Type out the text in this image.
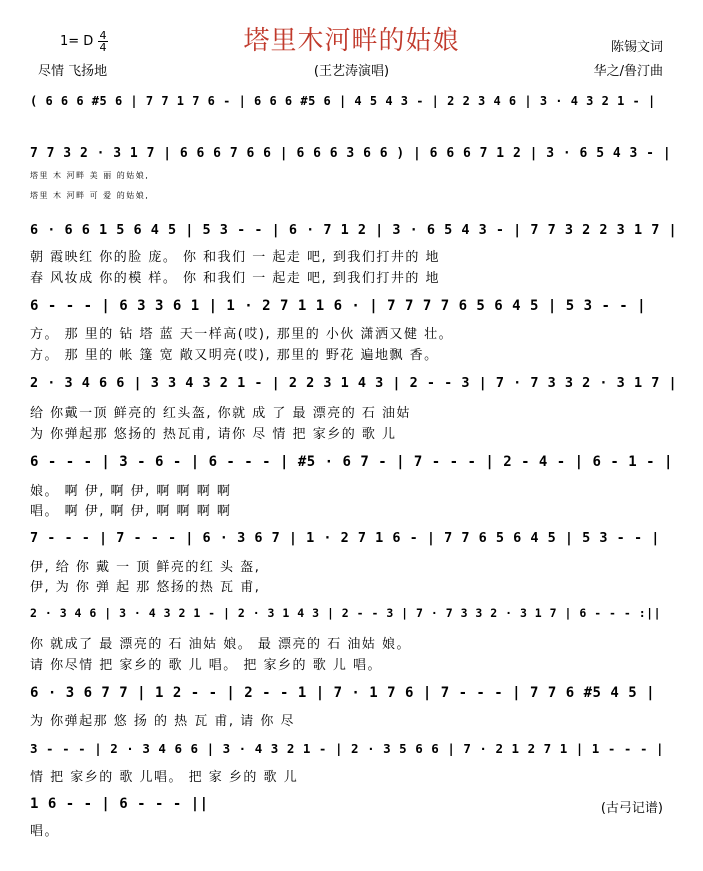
塔里木河畔的姑娘
1= D 4
4
尽情 飞扬地	(王艺涛演唱)
陈锡文词
华之/鲁汀曲
( 6 6 6 #5 6 | 7 7 1 7 6 - | 6 6 6 #5 6 | 4 5 4 3 - | 2 2 3 4 6 | 3 · 4 3 2 1 - |
7 7 3 2 · 3 1 7 | 6 6 6 7 6 6 | 6 6 6 3 6 6 ) | 6 6 6 7 1 2 | 3 · 6 5 4 3 - |
塔里 木 河畔 美 丽 的姑娘,
塔里 木 河畔 可 爱 的姑娘,
6 · 6 6 1 5 6 4 5 | 5 3 - - | 6 · 7 1 2 | 3 · 6 5 4 3 - | 7 7 3 2 2 3 1 7 |
朝 霞映红 你的脸 庞。 你 和我们 一 起走 吧, 到我们打井的 地
春 风妆成 你的模 样。 你 和我们 一 起走 吧, 到我们打井的 地
6 - - - | 6 3 3 6 1 | 1 · 2 7 1 1 6 · | 7 7 7 7 6 5 6 4 5 | 5 3 - - |
方。 那 里的 钻 塔 蓝 天一样高(哎), 那里的 小伙 潇洒又健 壮。
方。 那 里的 帐 篷 宽 敞又明亮(哎), 那里的 野花 遍地飘 香。
2 · 3 4 6 6 | 3 3 4 3 2 1 - | 2 2 3 1 4 3 | 2 - - 3 | 7 · 7 3 3 2 · 3 1 7 |
给 你戴一顶 鲜亮的 红头盔, 你就 成 了 最 漂亮的 石 油姑
为 你弹起那 悠扬的 热瓦甫, 请你 尽 情 把 家乡的 歌 儿
6 - - - | 3 - 6 - | 6 - - - | #5 · 6 7 - | 7 - - - | 2 - 4 - | 6 - 1 - |
娘。 啊 伊, 啊 伊, 啊 啊 啊 啊
唱。 啊 伊, 啊 伊, 啊 啊 啊 啊
7 - - - | 7 - - - | 6 · 3 6 7 | 1 · 2 7 1 6 - | 7 7 6 5 6 4 5 | 5 3 - - |
伊, 给 你 戴 一 顶 鲜亮的红 头 盔,
伊, 为 你 弹 起 那 悠扬的热 瓦 甫,
2 · 3 4 6 | 3 · 4 3 2 1 - | 2 · 3 1 4 3 | 2 - - 3 | 7 · 7 3 3 2 · 3 1 7 | 6 - - - :||
你 就成了 最 漂亮的 石 油姑 娘。 最 漂亮的 石 油姑 娘。
请 你尽情 把 家乡的 歌 儿 唱。 把 家乡的 歌 儿 唱。
6 · 3 6 7 7 | 1 2 - - | 2 - - 1 | 7 · 1 7 6 | 7 - - - | 7 7 6 #5 4 5 |
为 你弹起那 悠 扬 的 热 瓦 甫, 请 你 尽
3 - - - | 2 · 3 4 6 6 | 3 · 4 3 2 1 - | 2 · 3 5 6 6 | 7 · 2 1 2 7 1 | 1 - - - |
情 把 家乡的 歌 儿唱。 把 家 乡的 歌 儿
1 6 - - | 6 - - - ||
唱。
(古弓记谱)
